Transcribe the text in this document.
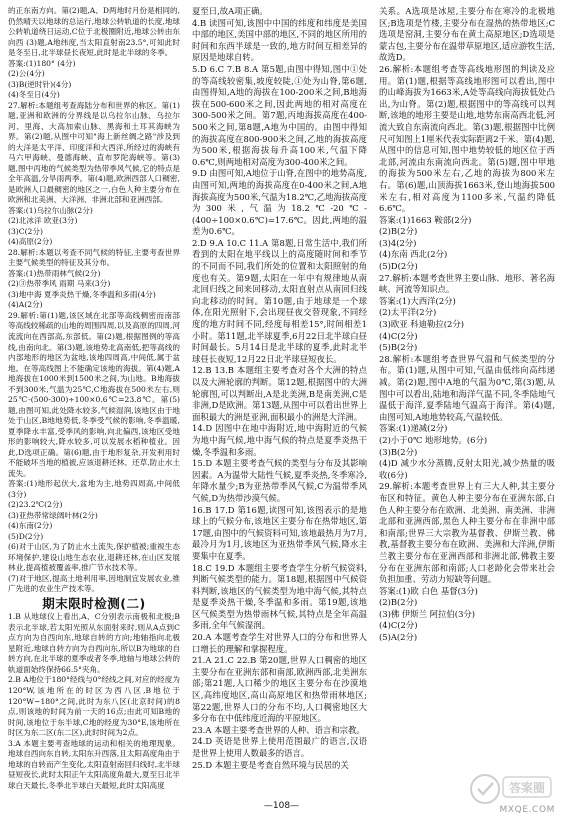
的正东南方向。第(2)题,A、D两地时月份是相同的,仍然晴天以地球的总运行,地球公转轨道的长度,地球公转轨道绕日运动,C位于北极圈附近,地球公转由东向西 (3)题,A地纬度,当太阳直射南23.5°,可知此时是冬至日,北半球昼长夜短,此时是北半球的冬季。

答案:(1)180° (4分)

(2)公(4分)

(3)B(逆时针)(4分)

(4)冬至日(4分)

27.解析:本题组考查海陆分布和世界的称区。第(1)题,亚洲和欧洲的分界线是以乌拉尔山脉、乌拉尔河、里海、大高加索山脉、黑海和土耳其海峡为界。第(2)题,从图中可知"海上新丝绸之路"涉及到的大洋是太平洋、印度洋和大西洋,所经过的海峡有马六甲海峡、曼德海峡、直布罗陀海峡等。第(3)题,图中丙地的气候类型为热带季风气候,它的特点是全年高温,分旱雨两季。第(4)题,欧洲西部人口稠密,是欧洲人口最稠密的地区之一,白色人种主要分布在欧洲和北美洲、大洋洲、非洲北部和亚洲西部。

答案:(1)乌拉尔山脉(2分)

(2)北冰洋 欧亚(3分)

(3)C(2分)

(4)高原(2分)

28.解析:本题以考查不同气候的特征,主要考查世界主要气候类型的特征及其分布。

答案:(1)热带雨林气候(2分)

(2)③热带季风 雨期 马来(3分)

(3)地中海 夏季炎热干燥,冬季温和多雨(4分)

(4)A(2分)

29.解析:第(1)题,该区域在北部等高线稠密而南部等高线较稀疏的山地的周围四周,以及高原的四周,河流流向在西部高,东部低。第(2)题,根据图例的等高线,由南向北。第(3)题,该地势北高南低,把等高线的内部地形的地区为盆地,该地四周高,中间低,属于盆地。在等高线图上不能确定该地的海拔。第(4)题,A地海拔在1000米到1500米之间,为山地。B地海拔不到300米,气温为25℃,C地海拔在500米左右,则 25℃-(500-300)÷100×0.6℃=23.8℃。第(5)题,由图可知,此处降水较多,气候湿润,该地区由于地处于山区,B地地势低,冬季受气候的影响,冬季温暖,夏季降水丰富,受季风的影响,向北偏西,该地区受地形的影响较大,降水较多,可以发展水稻种植业。因此,D选项正确。第(6)题,由于地形复杂,开发利用时不能破坏当地的植被,应该退耕还林、还草,防止水土流失。

答案:(1)地形起伏大,盆地为主,地势四周高,中间低(3分)

(2)23.2℃(2分)

(3)亚热带常绿阔叶林(2分)

(4)东南(2分)

(5)D(2分)

(6)对于山区,为了防止水土流失,保护植被;重视生态环境保护,建设山地生态农业,退耕还林,在山区发展林业,提高植被覆盖率,推广节水技术等。

(7)对于地区,提高土地利用率,因地制宜发展农业,推广先进的农业生产技术等。

期末限时检测(二)

1.B 从地球仪上看出,A、C分别表示南极和北极;B表示北半球,若太阳光照从东面射来时,则从A点到C点方向为自西向东,地球自转的方向;地轴指向北极星附近,地球自转方向为自西向东,所以B为地球的自转方向,在北半球的夏季或者冬季,地轴与地球公转的轨道面始终保持66.5°夹角。

2.B A地位于180°经线与0°经线之间,对应的经度为120°W,该地所在的时区为西八区,B地位于120°W~180°之间,此时为东八区(北京时间)的8点,则该地的时间为前一天的16点;由此可知B地的时间,该地位于东半球,C地的经度为30°E,该地所在时区为东二区(东二区),此时时间为2点。

3.A 本题主要考查地球的运动和相关的地理现象。地球自西向东自转,太阳东升西落,且太阳高度角由于地球的自转而产生变化,太阳直射南回归线时,北半球昼短夜长,此时太阳正午太阳高度角最大,夏至日北半球白天最长,冬季北半球白天最短,此时太阳高度

夏至日,故A项正确。

4.B 读图可知,该图中中国的纬度和纬度是美国中部的地区,美国中部的地区,不同的地区所用的时间和东西半球是一致的,地方时间互相差异的原因是地球自转。

5.D 6.C 7.B 8.A 第5题,由图中得知,图中①处的等高线较密集,坡度较陡,①处为山脊,第6题,由图得知,A地的海拔在100-200米之间,B地海拔在500-600米之间,因此两地的相对高度在300-500米之间。第7题,丙地海拔高度在400-500米之间,第8题,A地为中国的。由图中得知的海拔高度在800-900米之间,乙地的海拔高度为500米,根据海拔每升高100米,气温下降0.6℃,则两地相对高度为300-400米之间。

9.D 由图可知,A地位于山脊,在图中的地势高度,由图可知,两地的海拔高度在0-400米之间,A地海拔高度为500米,气温为18.2℃,乙地海拔高度为300米,气温为18.2℃-20℃-(400÷100×0.6℃)=17.6℃。因此,两地的温差为0.6℃。

2.D 9.A 10.C 11.A 第8题,日常生活中,我们所看到的太阳在地平线以上的高度随时间和季节的不同而不同,我们所处的位置和太阳照射的角度也有关。第9题,太阳在一年中有规律地从南北回归线之间来回移动,太阳直射点从南回归线向北移动的时间。第10题,由于地球是一个球体,在阳光照射下,会出现昼夜交替现象,不同经度的地方时间不同,经度每相差15°,时间相差1小时。第11题,北半球夏季,6月22日北半球白昼时间最长。5月14日是北半球的夏季,此时北半球昼长夜短,12月22日北半球昼短夜长。

12.B 13.B 本题组主要考查对各个大洲的特点以及大洲轮廓的判断。第12题,根据图中的大洲轮廓图,可以判断出,A是北美洲,B是南美洲,C是非洲,D是欧洲。第13题,从图中可以看出世界上面积最大的洲是亚洲,面积最小的洲是大洋洲。

14.D 因图中在地中海附近,地中海附近的气候为地中海气候,地中海气候的特点是夏季炎热干燥,冬季温和多雨。

15.D 本题主要考查气候的类型与分布及其影响因素。A为温带大陆性气候,夏季炎热,冬季寒冷,年降水量少;B为亚热带季风气候,C为温带季风气候,D为热带沙漠气候。

16.B 17.D 第16题,读图可知,该图表示的是地球上的气候分布,该地区主要分布在热带地区,第17题,由图中的气候资料可知,该地最热月为7月,最冷月为1月,该地区为亚热带季风气候,降水主要集中在夏季。

18.C 19.D 本题组主要考查学生分析气候资料,判断气候类型的能力。第18题,根据图中气候资料判断,该地区的气候类型为地中海气候,其特点是夏季炎热干燥,冬季温和多雨。第19题,该地区气候类型为热带雨林气候,其特点是全年高温多雨,全年气候湿润。

20.A 本题考查学生对世界人口的分布和世界人口增长的理解和掌握程度。

21.A 21.C 22.B 第20题,世界人口稠密的地区主要分布在亚洲东部和南部,欧洲西部,北美洲东部;第21题,人口稀少的地区主要分布在沙漠地区,高纬度地区,高山高原地区和热带雨林地区;第22题,世界人口的分布不均,人口稠密地区大多分布在中低纬度近海的平原地区。

23.A 本题主要考查世界的人种、语言和宗教。

24.D 英语是世界上使用范围最广的语言,汉语是世界上使用人数最多的语言。

25.D 本题主要是考查自然环境与民居的关

关系。A选项是冰屋,主要分布在寒冷的北极地区;B选项是竹楼,主要分布在湿热的热带地区;C选项是窑洞,主要分布在黄土高原地区;D选项是蒙古包,主要分布在温带草原地区,适应游牧生活,故选D。

26.解析:本题组考查等高线地形图的判读及应用。第(1)题,根据等高线地形图可以看出,图中的山峰海拔为1663米,A处等高线向海拔低处凸出,为山脊。第(2)题,根据图中的等高线可以判断,该地的地形主要是山地,地势东南高西北低,河流大致自东南流向西北。第(3)题,根据图中比例尺可知图上1厘米代表实际距离2千米。第(4)题,从图中的信息可知,图中地势较低的地区位于西北部,河流由东南流向西北。第(5)题,图中甲地的海拔为500米左右,乙地的海拔为800米左右。第(6)题,山顶海拔1663米,登山地海拔500米左右,相对高度为1100多米,气温约降低6.6℃。

答案:(1)1663 鞍部(2分)

(2)B(2分)

(3)4(2分)

(4)东南 西北(2分)

(5)D(2分)

27.解析:本题考查世界主要山脉、地形、著名海峡、河流等知识点。

答案:(1)大西洋(2分)

(2)太平洋(2分)

(3)欧亚 科迪勒拉(2分)

(4)C(2分)

(5)B(2分)

28.解析:本题组考查世界气温和气候类型的分布。第(1)题,从图中可知,气温由低纬向高纬递减。第(2)题,图中A地的气温为0℃,第(3)题,从图中可以看出,陆地和海洋气温不同,冬季陆地气温低于海洋,夏季陆地气温高于海洋。第(4)题,由图可知,A地地势较高,气温较低。

答案:(1)递减(2分)

(2)小于0℃ 地形地势。(6分)

(3)B(2分)

(4)D 减少水分蒸腾,反射太阳光,减少热量的吸收(6分)

29.解析:本题考查世界上有三大人种,其主要分布区和特征。黄色人种主要分布在亚洲东部,白色人种主要分布在欧洲、北美洲、南美洲、非洲北部和亚洲西部,黑色人种主要分布在非洲中部和南部;世界三大宗教为基督教、伊斯兰教、佛教,基督教主要分布在欧洲、美洲和大洋洲,伊斯兰教主要分布在亚洲西部和非洲北部,佛教主要分布在亚洲东部和南部;人口老龄化会带来社会负担加重、劳动力短缺等问题。

答案:(1)欧 白色 基督(3分)

(2)B(2分)

(3)佛 伊斯兰 阿拉伯(3分)

(4)C(2分)

(5)A(2分)

—108—
答案圈
MXQE.COM
